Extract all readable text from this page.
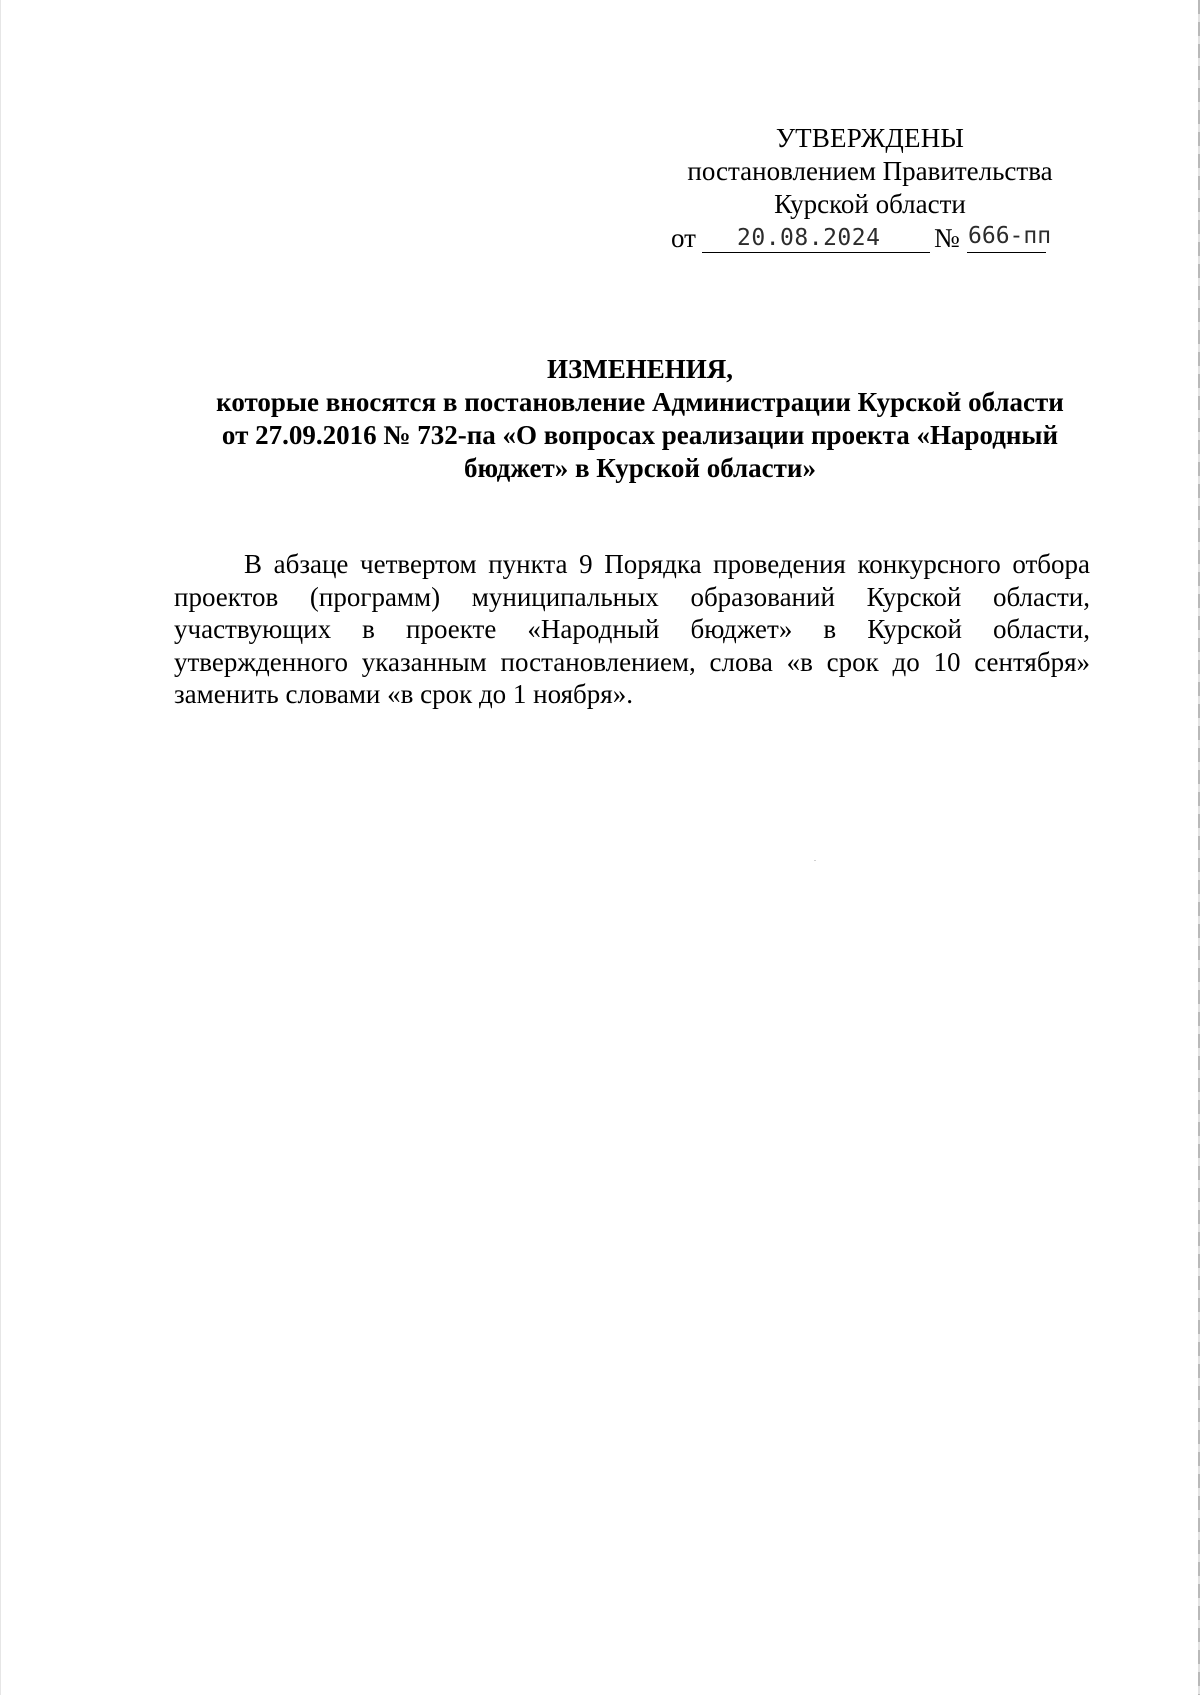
УТВЕРЖДЕНЫ
постановлением Правительства
Курской области
от 20.08.2024 № 666-пп
ИЗМЕНЕНИЯ,
которые вносятся в постановление Администрации Курской области
от 27.09.2016 № 732-па «О вопросах реализации проекта «Народный
бюджет» в Курской области»
В абзаце четвертом пункта 9 Порядка проведения конкурсного отбора
проектов (программ) муниципальных образований Курской области,
участвующих в проекте «Народный бюджет» в Курской области,
утвержденного указанным постановлением, слова «в срок до 10 сентября»
заменить словами «в срок до 1 ноября».
